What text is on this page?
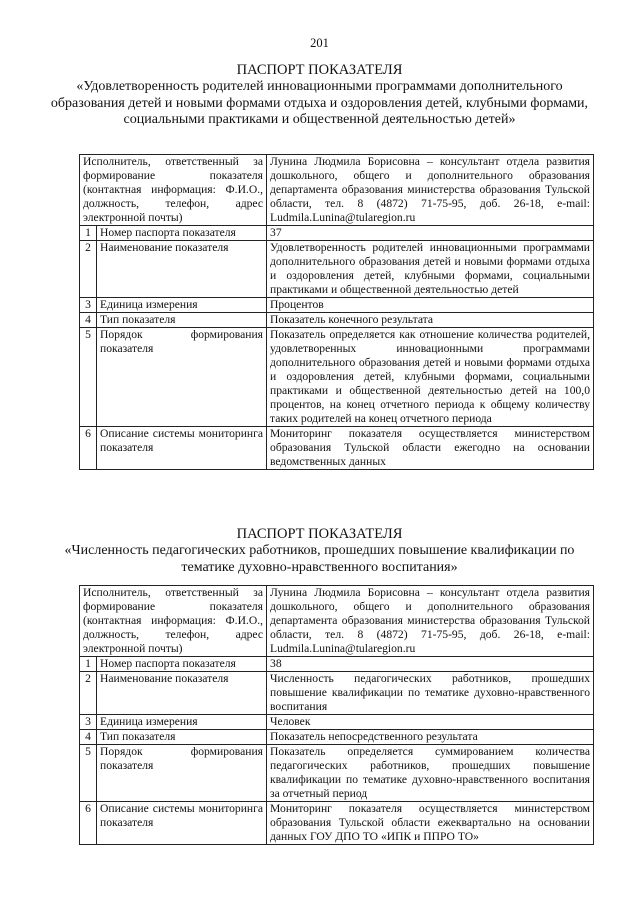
201
ПАСПОРТ ПОКАЗАТЕЛЯ
«Удовлетворенность родителей инновационными программами дополнительного образования детей и новыми формами отдыха и оздоровления детей, клубными формами, социальными практиками и общественной деятельностью детей»
Исполнитель, ответственный за формирование показателя (контактная информация: Ф.И.О., должность, телефон, адрес электронной почты)		Лунина Людмила Борисовна – консультант отдела развития дошкольного, общего и дополнительного образования департамента образования министерства образования Тульской области, тел. 8 (4872) 71-75-95, доб. 26-18, e-mail: Ludmila.Lunina@tularegion.ru
1	Номер паспорта показателя	37
2	Наименование показателя	Удовлетворенность родителей инновационными программами дополнительного образования детей и новыми формами отдыха и оздоровления детей, клубными формами, социальными практиками и общественной деятельностью детей
3	Единица измерения	Процентов
4	Тип показателя	Показатель конечного результата
5	Порядок формирования показателя	Показатель определяется как отношение количества родителей, удовлетворенных инновационными программами дополнительного образования детей и новыми формами отдыха и оздоровления детей, клубными формами, социальными практиками и общественной деятельностью детей на 100,0 процентов, на конец отчетного периода к общему количеству таких родителей на конец отчетного периода
6	Описание системы мониторинга показателя	Мониторинг показателя осуществляется министерством образования Тульской области ежегодно на основании ведомственных данных
ПАСПОРТ ПОКАЗАТЕЛЯ
«Численность педагогических работников, прошедших повышение квалификации по тематике духовно-нравственного воспитания»
Исполнитель, ответственный за формирование показателя (контактная информация: Ф.И.О., должность, телефон, адрес электронной почты)		Лунина Людмила Борисовна – консультант отдела развития дошкольного, общего и дополнительного образования департамента образования министерства образования Тульской области, тел. 8 (4872) 71-75-95, доб. 26-18, e-mail: Ludmila.Lunina@tularegion.ru
1	Номер паспорта показателя	38
2	Наименование показателя	Численность педагогических работников, прошедших повышение квалификации по тематике духовно-нравственного воспитания
3	Единица измерения	Человек
4	Тип показателя	Показатель непосредственного результата
5	Порядок формирования показателя	Показатель определяется суммированием количества педагогических работников, прошедших повышение квалификации по тематике духовно-нравственного воспитания за отчетный период
6	Описание системы мониторинга показателя	Мониторинг показателя осуществляется министерством образования Тульской области ежеквартально на основании данных ГОУ ДПО ТО «ИПК и ППРО ТО»
